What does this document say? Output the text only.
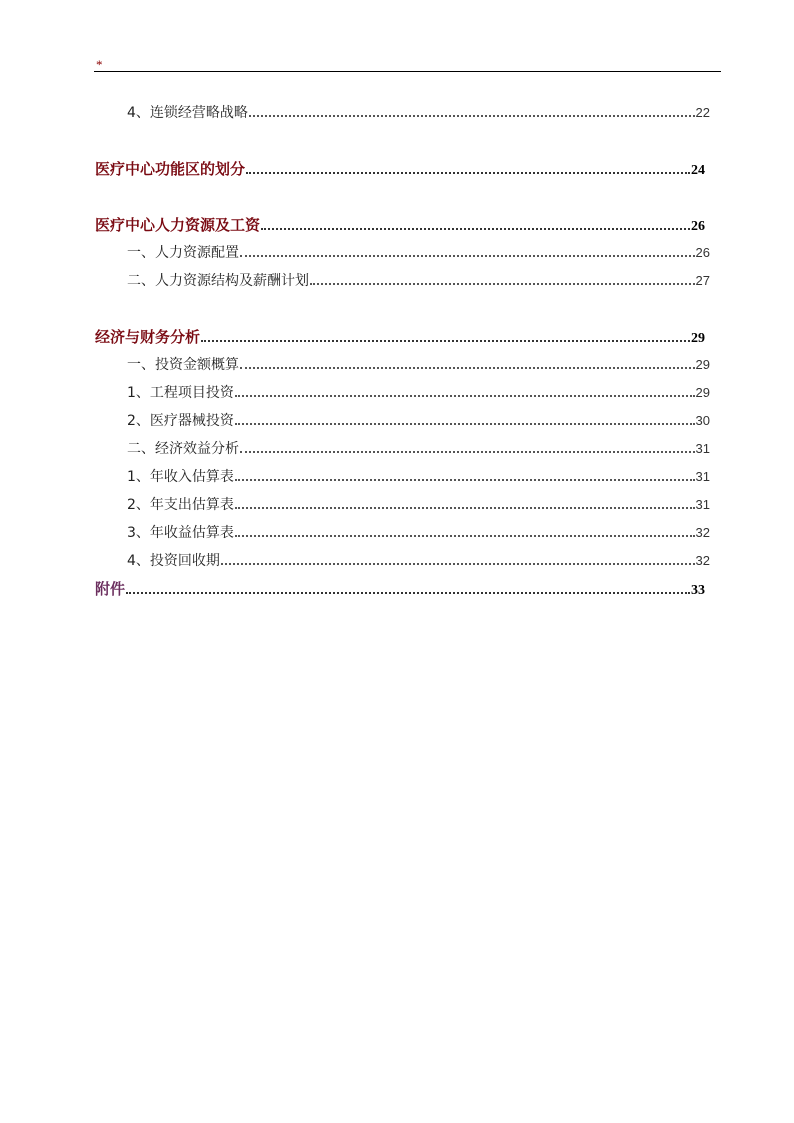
*
4、连锁经营略战略	22
医疗中心功能区的划分	24
医疗中心人力资源及工资	26
一、人力资源配置	26
二、人力资源结构及薪酬计划	27
经济与财务分析	29
一、投资金额概算	29
1、工程项目投资	29
2、医疗器械投资	30
二、经济效益分析	31
1、年收入估算表	31
2、年支出估算表	31
3、年收益估算表	32
4、投资回收期	32
附件	33
